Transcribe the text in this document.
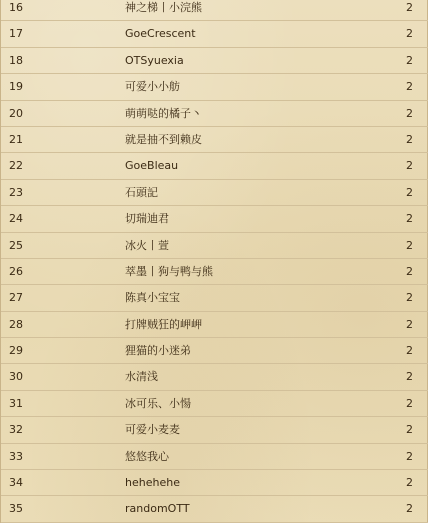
16	神之梯丨小浣熊	2
17	GoeCrescent	2
18	OTSyuexia	2
19	可爱小小舫	2
20	萌萌哒的橘子丶	2
21	就是抽不到赖皮	2
22	GoeBleau	2
23	石頭記	2
24	切瑞迪君	2
25	冰火丨萱	2
26	萃墨丨狗与鸭与熊	2
27	陈真小宝宝	2
28	打牌贼狂的岬岬	2
29	狸猫的小迷弟	2
30	水清浅	2
31	冰可乐、小愓	2
32	可爱小麦麦	2
33	悠悠我心	2
34	hehehehe	2
35	randomOTT	2
